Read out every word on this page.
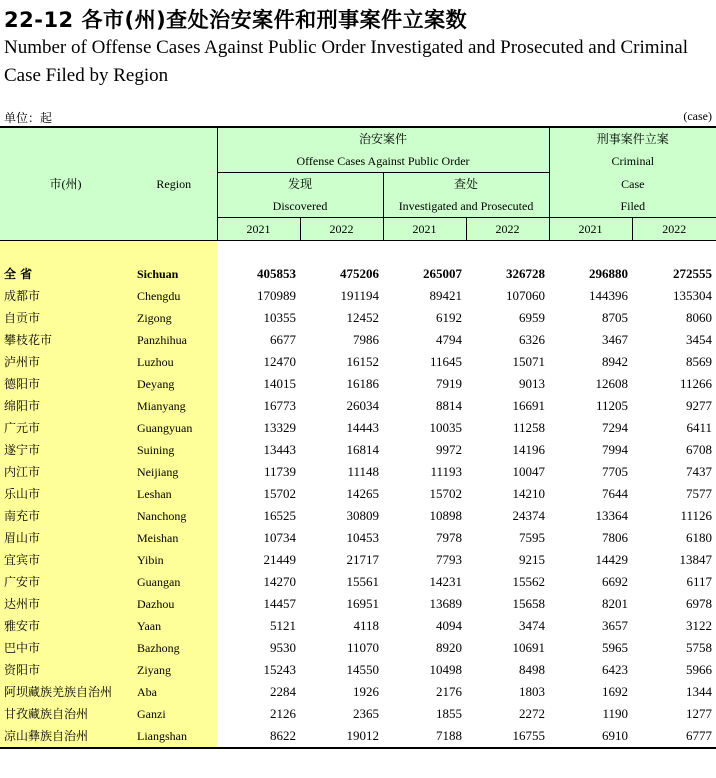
22-12 各市(州)查处治安案件和刑事案件立案数
Number of Offense Cases Against Public Order Investigated and Prosecuted and Criminal Case Filed by Region
单位：起	(case)
市(州)	Region	治安案件				刑事案件立案	
		Offense Cases Against Public Order				Criminal	
		发现		查处		Case	
		Discovered		Investigated and Prosecuted		Filed	
		2021	2022	2021	2022	2021	2022

全 省	Sichuan	405853	475206	265007	326728	296880	272555
成都市	Chengdu	170989	191194	89421	107060	144396	135304
自贡市	Zigong	10355	12452	6192	6959	8705	8060
攀枝花市	Panzhihua	6677	7986	4794	6326	3467	3454
泸州市	Luzhou	12470	16152	11645	15071	8942	8569
德阳市	Deyang	14015	16186	7919	9013	12608	11266
绵阳市	Mianyang	16773	26034	8814	16691	11205	9277
广元市	Guangyuan	13329	14443	10035	11258	7294	6411
遂宁市	Suining	13443	16814	9972	14196	7994	6708
内江市	Neijiang	11739	11148	11193	10047	7705	7437
乐山市	Leshan	15702	14265	15702	14210	7644	7577
南充市	Nanchong	16525	30809	10898	24374	13364	11126
眉山市	Meishan	10734	10453	7978	7595	7806	6180
宜宾市	Yibin	21449	21717	7793	9215	14429	13847
广安市	Guangan	14270	15561	14231	15562	6692	6117
达州市	Dazhou	14457	16951	13689	15658	8201	6978
雅安市	Yaan	5121	4118	4094	3474	3657	3122
巴中市	Bazhong	9530	11070	8920	10691	5965	5758
资阳市	Ziyang	15243	14550	10498	8498	6423	5966
阿坝藏族羌族自治州	Aba	2284	1926	2176	1803	1692	1344
甘孜藏族自治州	Ganzi	2126	2365	1855	2272	1190	1277
凉山彝族自治州	Liangshan	8622	19012	7188	16755	6910	6777
